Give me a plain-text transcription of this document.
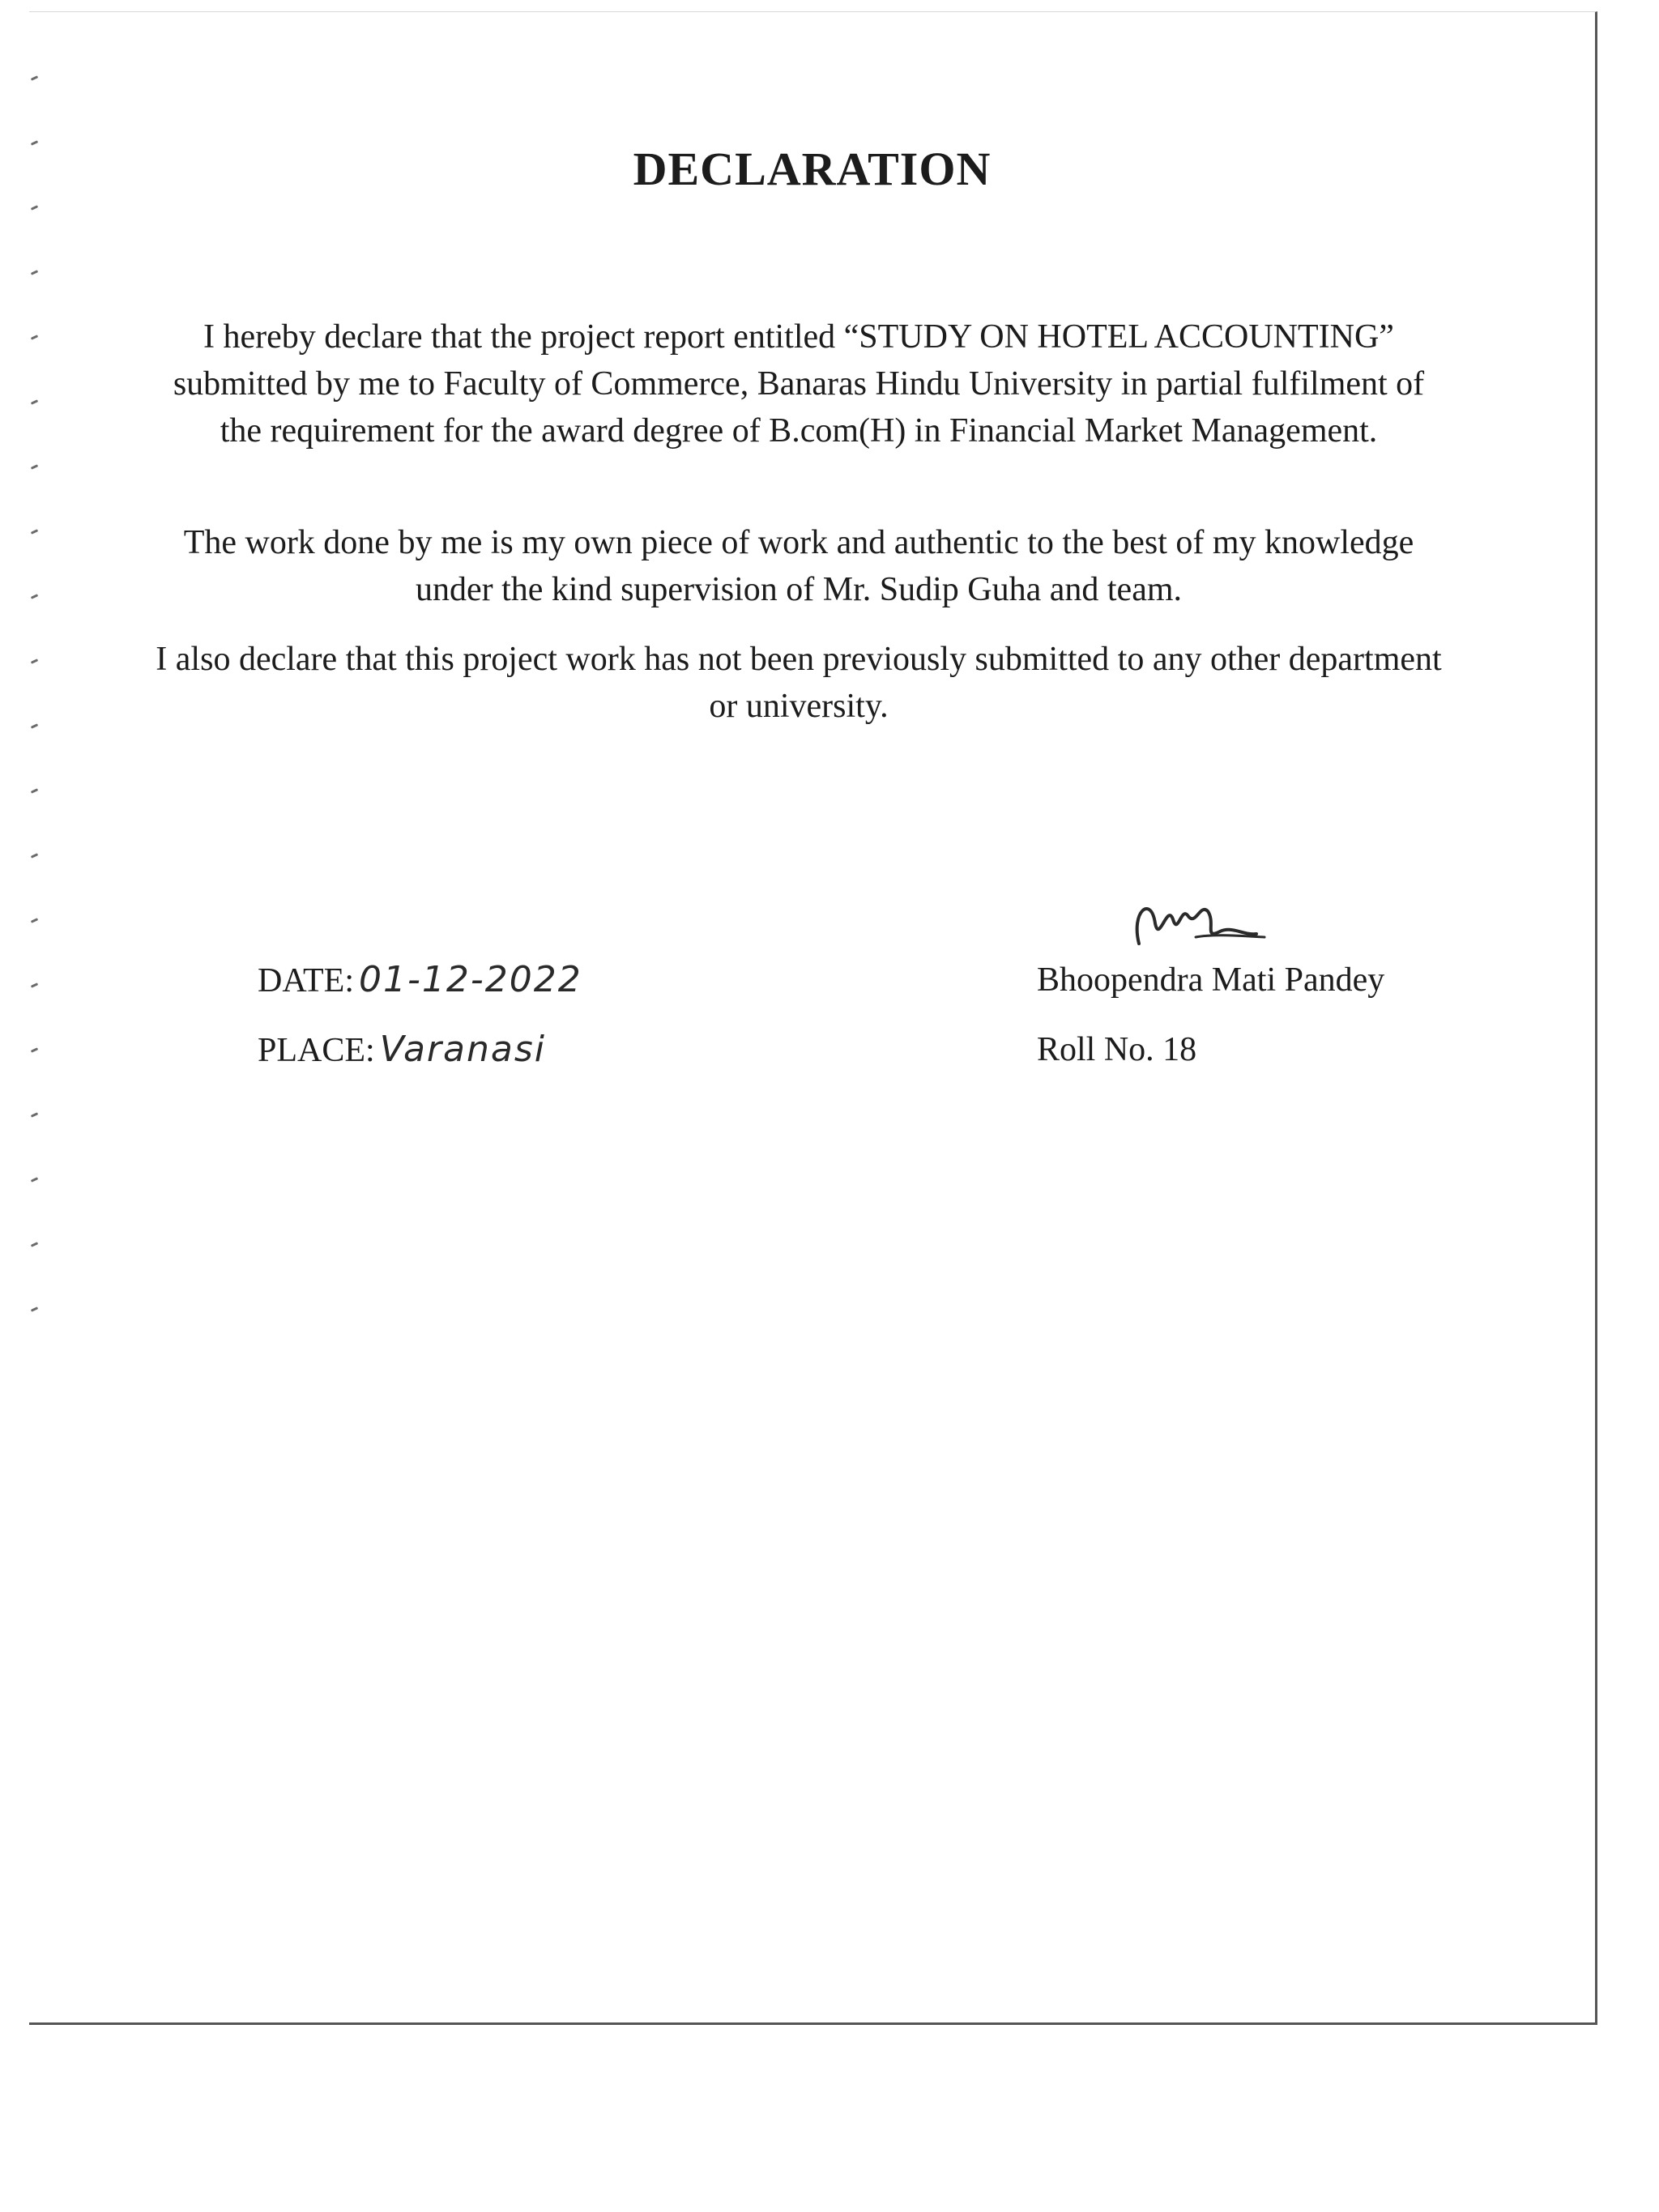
DECLARATION

I hereby declare that the project report entitled “STUDY ON HOTEL ACCOUNTING” submitted by me to Faculty of Commerce, Banaras Hindu University in partial fulfilment of the requirement for the award degree of B.com(H) in Financial Market Management.

The work done by me is my own piece of work and authentic to the best of my knowledge under the kind supervision of Mr. Sudip Guha and team.

I also declare that this project work has not been previously submitted to any other department or university.

DATE: 01-12-2022
PLACE: Varanasi
Bhoopendra Mati Pandey
Roll No. 18
